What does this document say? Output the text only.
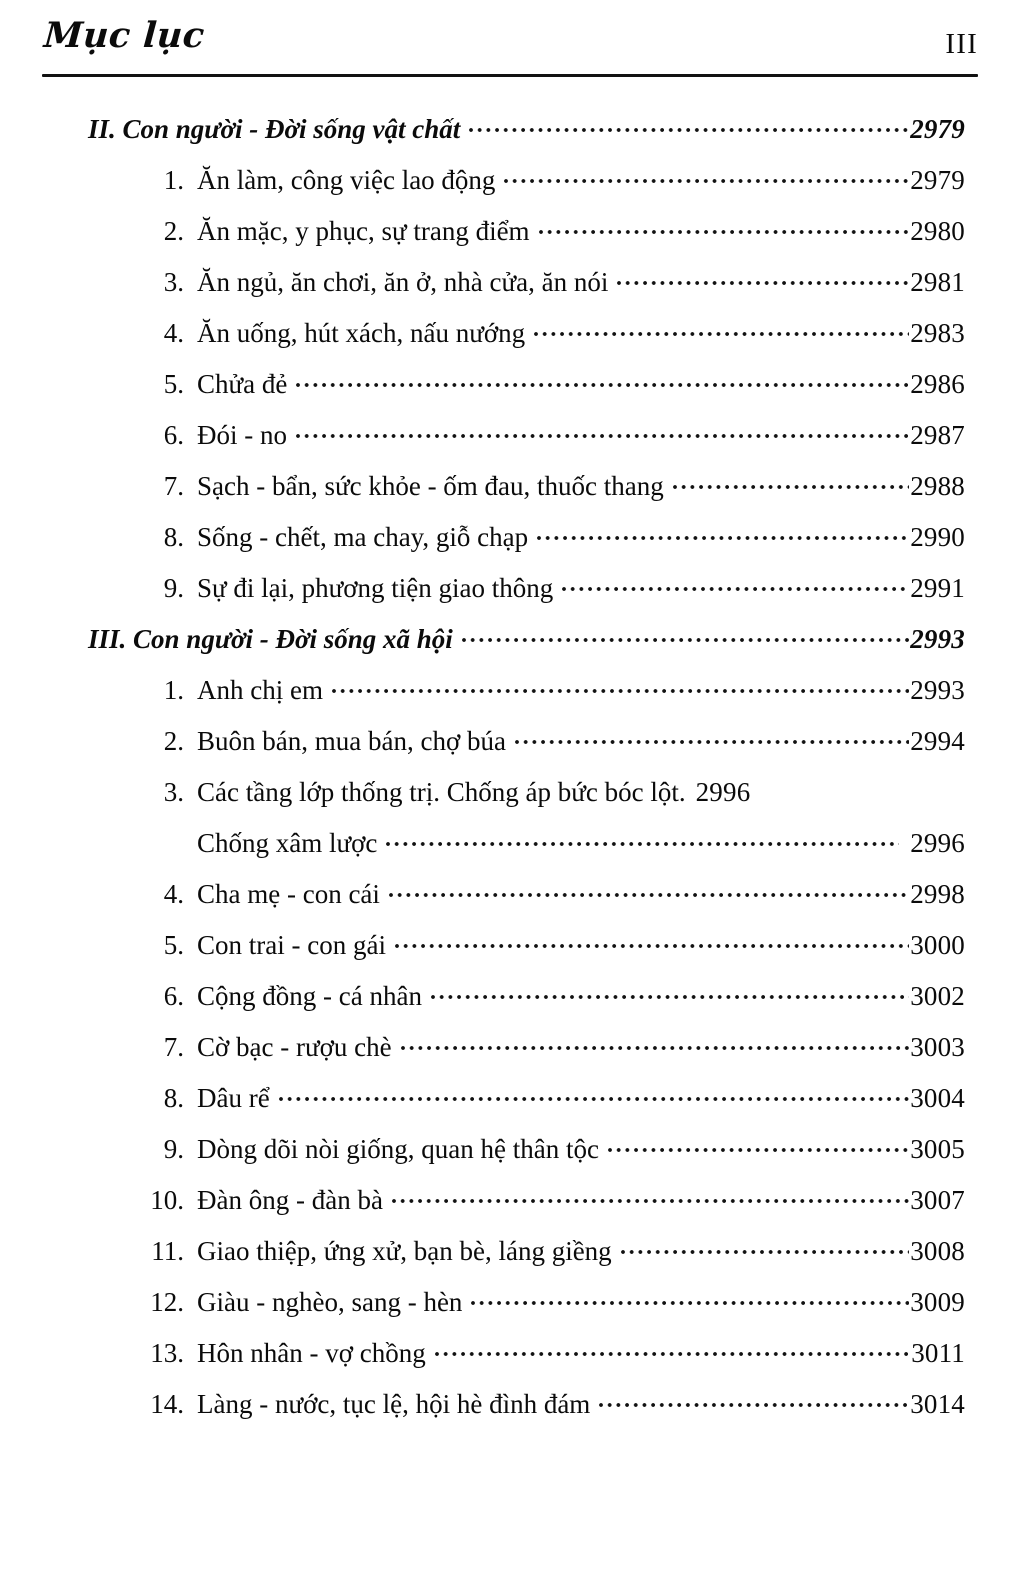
Mục lục	III
II. Con người - Đời sống vật chất	2979
1. Ăn làm, công việc lao động	2979
2. Ăn mặc, y phục, sự trang điểm	2980
3. Ăn ngủ, ăn chơi, ăn ở, nhà cửa, ăn nói	2981
4. Ăn uống, hút xách, nấu nướng	2983
5. Chửa đẻ	2986
6. Đói - no	2987
7. Sạch - bẩn, sức khỏe - ốm đau, thuốc thang	2988
8. Sống - chết, ma chay, giỗ chạp	2990
9. Sự đi lại, phương tiện giao thông	2991
III. Con người - Đời sống xã hội	2993
1. Anh chị em	2993
2. Buôn bán, mua bán, chợ búa	2994
3. Các tầng lớp thống trị. Chống áp bức bóc lột. 2996
Chống xâm lược	2996
4. Cha mẹ - con cái	2998
5. Con trai - con gái	3000
6. Cộng đồng - cá nhân	3002
7. Cờ bạc - rượu chè	3003
8. Dâu rể	3004
9. Dòng dõi nòi giống, quan hệ thân tộc	3005
10. Đàn ông - đàn bà	3007
11. Giao thiệp, ứng xử, bạn bè, láng giềng	3008
12. Giàu - nghèo, sang - hèn	3009
13. Hôn nhân - vợ chồng	3011
14. Làng - nước, tục lệ, hội hè đình đám	3014
